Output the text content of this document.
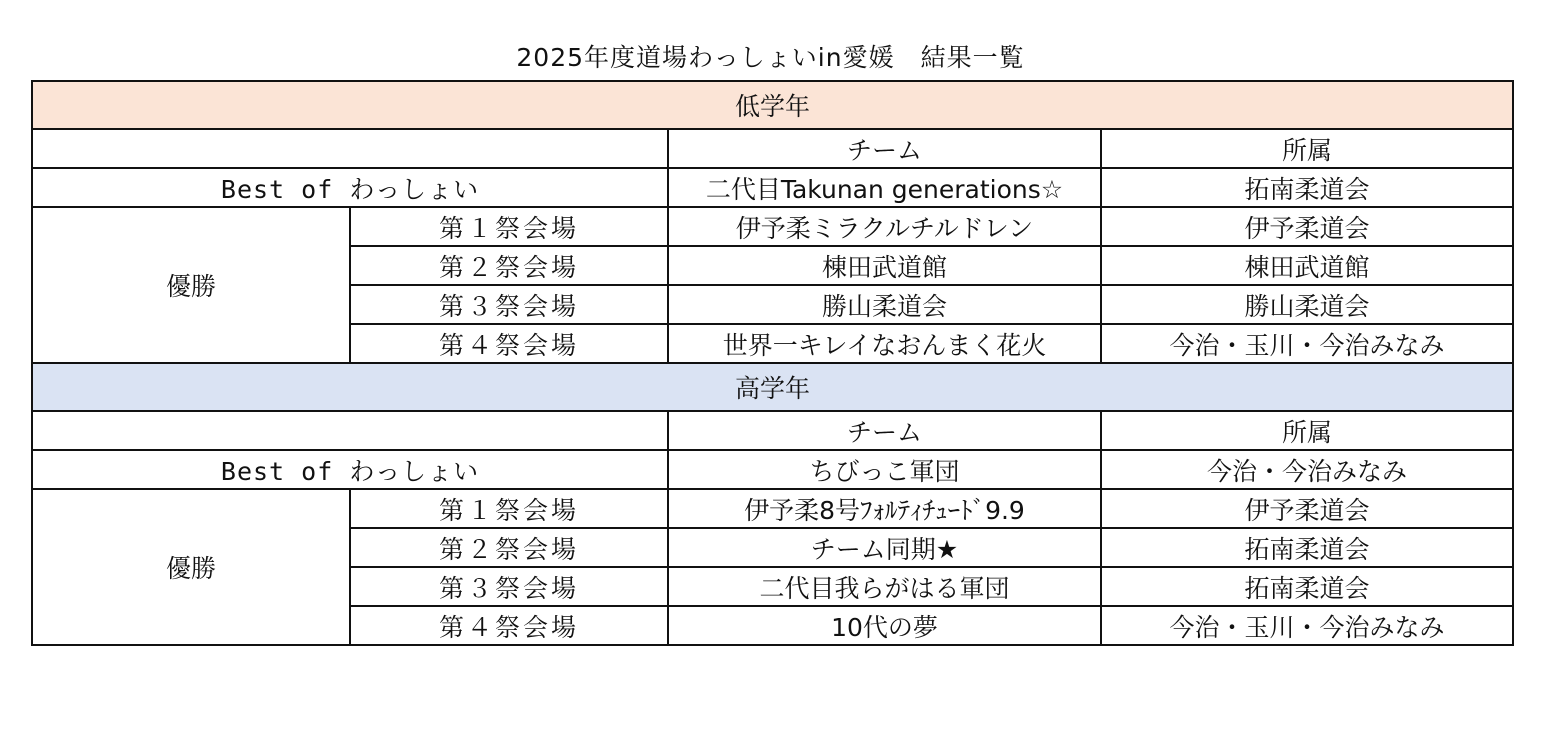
2025年度道場わっしょいin愛媛　結果一覧
低学年			
		チーム	所属
Best of わっしょい		二代目Takunan generations☆	拓南柔道会
優勝	第１祭会場	伊予柔ミラクルチルドレン	伊予柔道会
	第２祭会場	棟田武道館	棟田武道館
	第３祭会場	勝山柔道会	勝山柔道会
	第４祭会場	世界一キレイなおんまく花火	今治・玉川・今治みなみ
高学年			
		チーム	所属
Best of わっしょい		ちびっこ軍団	今治・今治みなみ
優勝	第１祭会場	伊予柔8号ﾌｫﾙﾃｨﾁｭｰﾄﾞ9.9	伊予柔道会
	第２祭会場	チーム同期★	拓南柔道会
	第３祭会場	二代目我らがはる軍団	拓南柔道会
	第４祭会場	10代の夢	今治・玉川・今治みなみ
